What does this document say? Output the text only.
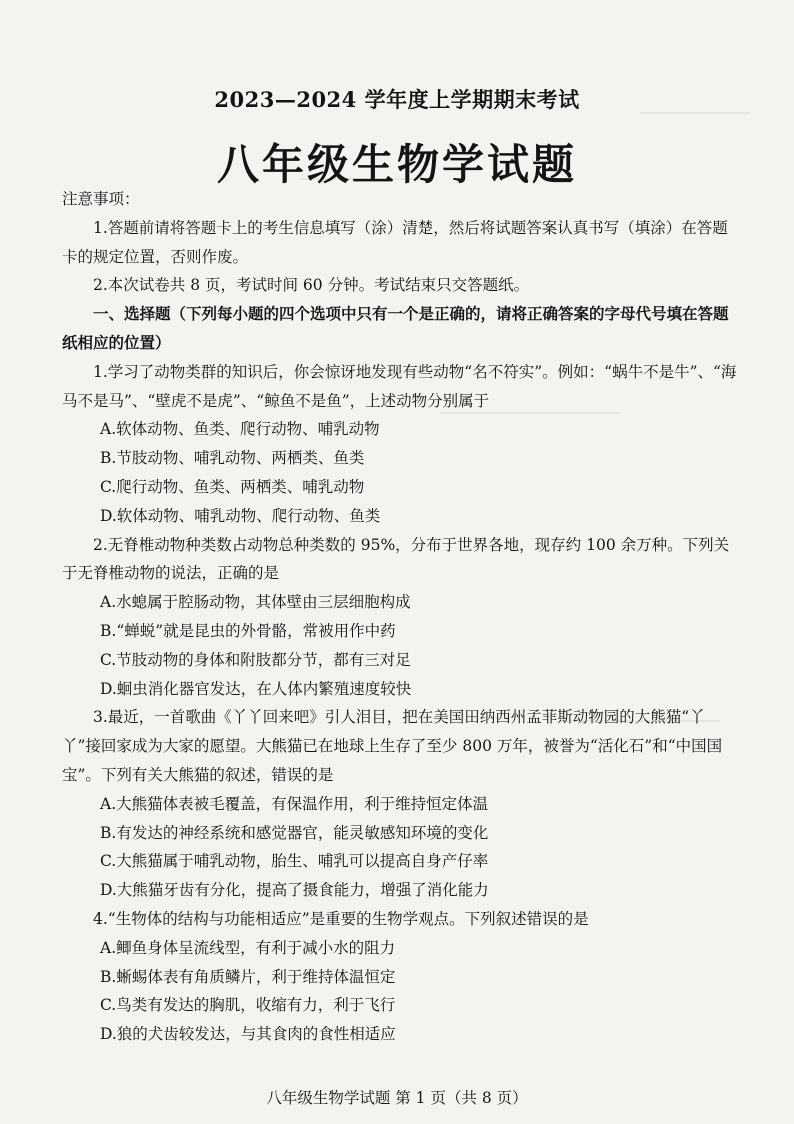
2023—2024 学年度上学期期末考试
八年级生物学试题

注意事项：

1.答题前请将答题卡上的考生信息填写（涂）清楚，然后将试题答案认真书写（填涂）在答题卡的规定位置，否则作废。

2.本次试卷共 8 页，考试时间 60 分钟。考试结束只交答题纸。

一、选择题（下列每小题的四个选项中只有一个是正确的，请将正确答案的字母代号填在答题纸相应的位置）

1.学习了动物类群的知识后，你会惊讶地发现有些动物“名不符实”。例如：“蜗牛不是牛”、“海马不是马”、“壁虎不是虎”、“鲸鱼不是鱼”，上述动物分别属于

A.软体动物、鱼类、爬行动物、哺乳动物

B.节肢动物、哺乳动物、两栖类、鱼类

C.爬行动物、鱼类、两栖类、哺乳动物

D.软体动物、哺乳动物、爬行动物、鱼类

2.无脊椎动物种类数占动物总种类数的 95%，分布于世界各地，现存约 100 余万种。下列关于无脊椎动物的说法，正确的是

A.水螅属于腔肠动物，其体壁由三层细胞构成

B.“蝉蜕”就是昆虫的外骨骼，常被用作中药

C.节肢动物的身体和附肢都分节，都有三对足

D.蛔虫消化器官发达，在人体内繁殖速度较快

3.最近，一首歌曲《丫丫回来吧》引人泪目，把在美国田纳西州孟菲斯动物园的大熊猫“丫丫”接回家成为大家的愿望。大熊猫已在地球上生存了至少 800 万年，被誉为“活化石”和“中国国宝”。下列有关大熊猫的叙述，错误的是

A.大熊猫体表被毛覆盖，有保温作用，利于维持恒定体温

B.有发达的神经系统和感觉器官，能灵敏感知环境的变化

C.大熊猫属于哺乳动物，胎生、哺乳可以提高自身产仔率

D.大熊猫牙齿有分化，提高了摄食能力，增强了消化能力

4.“生物体的结构与功能相适应”是重要的生物学观点。下列叙述错误的是

A.鲫鱼身体呈流线型，有利于减小水的阻力

B.蜥蜴体表有角质鳞片，利于维持体温恒定

C.鸟类有发达的胸肌，收缩有力，利于飞行

D.狼的犬齿较发达，与其食肉的食性相适应

八年级生物学试题 第 1 页（共 8 页）
